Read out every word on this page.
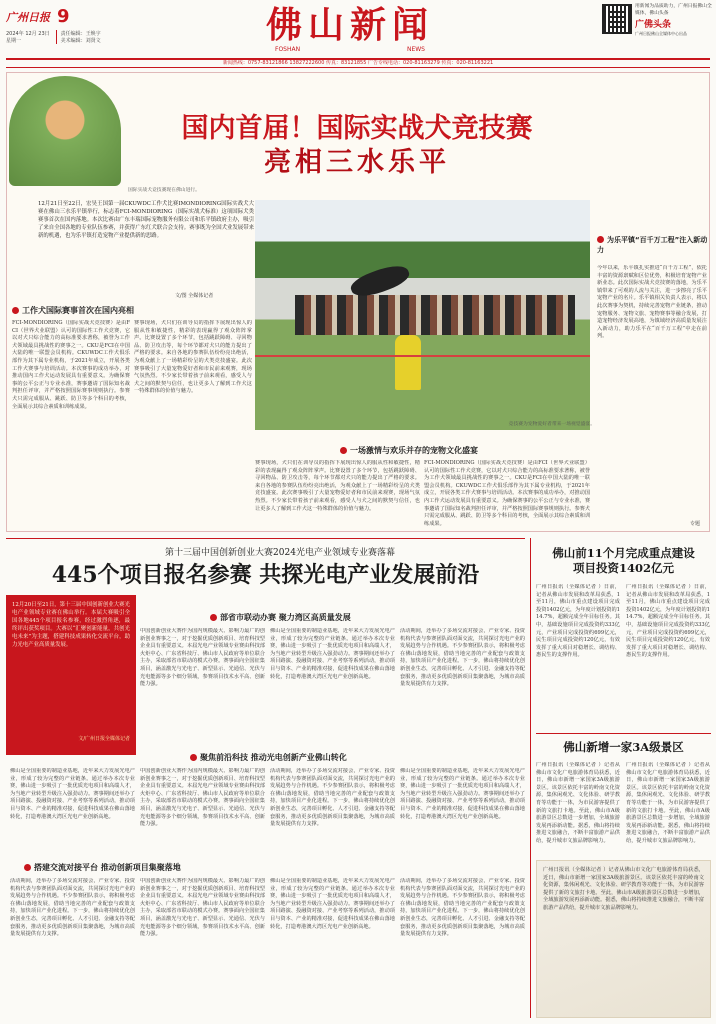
广州日报 9
2024年 12月 23日
星期一
责任编辑：王焕宇
美术编辑：刘贤文	佛山新闻
FOSHAN	NEWS
用新闻为品质助力，广州日报佛山全媒体，佛山头条
广佛头条
广州日报佛山全媒体中心出品
新闻热线：0757-83121866 13827222600 传真：83121855 广告专线电话：020-81163279 传真：020-81163221
国际实战犬竞技赛现在佛山进行。
国内首届！国际实战犬竞技赛
亮相三水乐平
12月21日至22日，宏昊王国第一届CKUWDC工作犬比赛IMONDIORING国际实战犬大赛在佛山三水乐平镇举行，标志着FCI-MONDIORING（国际实战犬标准）这项国际犬类赛事首次在国内落地。本次比赛由广东丰瑞国际宠物服务有限公司和乐平镇政府主办，吸引了来自全国各地的专业队伍参赛，并获得广东红犬联合会支持。赛事既为全国犬业发展带来新的机遇，也为乐平镇打造宠物产业提供新的思路。
文/图 全媒体记者
工作犬国际赛事首次在国内亮相
FCI-MONDIORING（国际实战犬竞技赛）是由FCI（世界犬业联盟）认可的国际性工作犬竞赛，它以对犬只综合能力的高标准要求著称，被誉为工作犬领域最具挑战性的赛事之一。CKU是FCI在中国大陆的唯一联盟会员机构。CKUWDC工作犬俱乐部作为其下属专业机构，于2021年成立，开展各类工作犬赛事与培训活动。本次赛事的成功举办，对推动国内工作犬运动发展具有重要意义。为确保赛事的公平公正与专业水准，赛事邀请了国际知名裁判担任评审，并严格按照国际赛事规则执行。参赛犬只需完成服从、跳跃、防卫等多个科目的考核，全面展示其综合素质和训练成果。
赛事现场，犬只们在训导员的指挥下展现出惊人的服从性和敏捷性，精彩的表现赢得了观众阵阵掌声。比赛设置了多个环节，包括跳跃障碍、寻回物品、防卫攻击等，每个环节都对犬只的能力提出了严格的要求。来自各地的参赛队伍纷纷亮出绝活，为观众献上了一场精彩纷呈的犬类竞技盛宴。此次赛事吸引了大量宠物爱好者和市民前来观赛，现场气氛热烈。不少家长带着孩子前来观看，感受人与犬之间的默契与信任，也让更多人了解到工作犬这一特殊群体的价值与魅力。
竞技赛为宠物爱好者带来一场视觉盛宴。
一场激情与欢乐并存的宠物文化盛宴
赛事现场，犬只们在训导员的指挥下展现出惊人的服从性和敏捷性，精彩的表现赢得了观众阵阵掌声。比赛设置了多个环节，包括跳跃障碍、寻回物品、防卫攻击等，每个环节都对犬只的能力提出了严格的要求。来自各地的参赛队伍纷纷亮出绝活，为观众献上了一场精彩纷呈的犬类竞技盛宴。此次赛事吸引了大量宠物爱好者和市民前来观赛，现场气氛热烈。不少家长带着孩子前来观看，感受人与犬之间的默契与信任，也让更多人了解到工作犬这一特殊群体的价值与魅力。
FCI-MONDIORING（国际实战犬竞技赛）是由FCI（世界犬业联盟）认可的国际性工作犬竞赛，它以对犬只综合能力的高标准要求著称，被誉为工作犬领域最具挑战性的赛事之一。CKU是FCI在中国大陆的唯一联盟会员机构。CKUWDC工作犬俱乐部作为其下属专业机构，于2021年成立，开展各类工作犬赛事与培训活动。本次赛事的成功举办，对推动国内工作犬运动发展具有重要意义。为确保赛事的公平公正与专业水准，赛事邀请了国际知名裁判担任评审，并严格按照国际赛事规则执行。参赛犬只需完成服从、跳跃、防卫等多个科目的考核，全面展示其综合素质和训练成果。
为乐平镇“百千万工程”注入新动力
今年以来，乐平镇扎实推进“百千万工程”，依托丰富的资源禀赋和区位优势，积极培育宠物产业新业态。此次国际实战犬竞技赛的落地，为乐平镇带来了可观的人流与关注，进一步擦亮了乐平宠物产业的名片。乐平镇相关负责人表示，将以此次赛事为契机，持续完善宠物产业链条，推动宠物服务、宠物文旅、宠物赛事等融合发展，打造宠物经济发展高地，为镇域经济高质量发展注入新动力，助力乐平在“百千万工程”中走在前列。
专题
第十三届中国创新创业大赛2024光电产业领域专业赛落幕
445个项目报名参赛 共探光电产业发展前沿
12月20日至21日，第十三届中国创新创业大赛光电产业领域专业赛在佛山举行。本届大赛吸引全国各地445个项目报名参赛，经过激烈角逐，最终评出获奖项目。大赛以“汇聚创新能量，共创光电未来”为主题，搭建科技成果转化交流平台，助力光电产业高质量发展。
文/广州日报全媒体记者
部省市联动办赛 聚力湾区高质量发展
中国创新创业大赛作为国内规模最大、影响力最广的创新创业赛事之一，对于挖掘优质创新项目、培育科技型企业具有重要意义。本届光电产业领域专业赛由科技部火炬中心、广东省科技厅、佛山市人民政府等单位联合主办，采取部省市联动的模式办赛。赛事面向全国征集项目，涵盖激光与光电子、新型显示、光通信、光伏与光电能源等多个细分领域，参赛项目技术水平高、创新能力强。
佛山是全国重要的制造业基地，近年来大力发展光电产业，形成了较为完整的产业链条。通过举办本次专业赛，佛山进一步吸引了一批优质光电项目和高端人才，为当地产业转型升级注入强劲动力。赛事期间还举办了项目路演、投融资对接、产业考察等系列活动，推动项目与资本、产业的精准对接，促进科技成果在佛山落地转化，打造粤港澳大湾区光电产业创新高地。
活动期间，还举办了多场交流对接会，产业专家、投资机构代表与参赛团队面对面交流，共同探讨光电产业的发展趋势与合作机遇。不少参赛团队表示，将积极考虑在佛山落地发展，借助当地完善的产业配套与政策支持，加快项目产业化进程。下一步，佛山将持续优化创新创业生态，完善项目孵化、人才引进、金融支持等配套服务，推动更多优质创新项目集聚落地，为城市高质量发展提供有力支撑。
聚焦前沿科技 推动光电创新产业佛山转化
佛山是全国重要的制造业基地，近年来大力发展光电产业，形成了较为完整的产业链条。通过举办本次专业赛，佛山进一步吸引了一批优质光电项目和高端人才，为当地产业转型升级注入强劲动力。赛事期间还举办了项目路演、投融资对接、产业考察等系列活动，推动项目与资本、产业的精准对接，促进科技成果在佛山落地转化，打造粤港澳大湾区光电产业创新高地。
中国创新创业大赛作为国内规模最大、影响力最广的创新创业赛事之一，对于挖掘优质创新项目、培育科技型企业具有重要意义。本届光电产业领域专业赛由科技部火炬中心、广东省科技厅、佛山市人民政府等单位联合主办，采取部省市联动的模式办赛。赛事面向全国征集项目，涵盖激光与光电子、新型显示、光通信、光伏与光电能源等多个细分领域，参赛项目技术水平高、创新能力强。
活动期间，还举办了多场交流对接会，产业专家、投资机构代表与参赛团队面对面交流，共同探讨光电产业的发展趋势与合作机遇。不少参赛团队表示，将积极考虑在佛山落地发展，借助当地完善的产业配套与政策支持，加快项目产业化进程。下一步，佛山将持续优化创新创业生态，完善项目孵化、人才引进、金融支持等配套服务，推动更多优质创新项目集聚落地，为城市高质量发展提供有力支撑。
佛山是全国重要的制造业基地，近年来大力发展光电产业，形成了较为完整的产业链条。通过举办本次专业赛，佛山进一步吸引了一批优质光电项目和高端人才，为当地产业转型升级注入强劲动力。赛事期间还举办了项目路演、投融资对接、产业考察等系列活动，推动项目与资本、产业的精准对接，促进科技成果在佛山落地转化，打造粤港澳大湾区光电产业创新高地。
搭建交流对接平台 推动创新项目集聚落地
活动期间，还举办了多场交流对接会，产业专家、投资机构代表与参赛团队面对面交流，共同探讨光电产业的发展趋势与合作机遇。不少参赛团队表示，将积极考虑在佛山落地发展，借助当地完善的产业配套与政策支持，加快项目产业化进程。下一步，佛山将持续优化创新创业生态，完善项目孵化、人才引进、金融支持等配套服务，推动更多优质创新项目集聚落地，为城市高质量发展提供有力支撑。
中国创新创业大赛作为国内规模最大、影响力最广的创新创业赛事之一，对于挖掘优质创新项目、培育科技型企业具有重要意义。本届光电产业领域专业赛由科技部火炬中心、广东省科技厅、佛山市人民政府等单位联合主办，采取部省市联动的模式办赛。赛事面向全国征集项目，涵盖激光与光电子、新型显示、光通信、光伏与光电能源等多个细分领域，参赛项目技术水平高、创新能力强。
佛山是全国重要的制造业基地，近年来大力发展光电产业，形成了较为完整的产业链条。通过举办本次专业赛，佛山进一步吸引了一批优质光电项目和高端人才，为当地产业转型升级注入强劲动力。赛事期间还举办了项目路演、投融资对接、产业考察等系列活动，推动项目与资本、产业的精准对接，促进科技成果在佛山落地转化，打造粤港澳大湾区光电产业创新高地。
活动期间，还举办了多场交流对接会，产业专家、投资机构代表与参赛团队面对面交流，共同探讨光电产业的发展趋势与合作机遇。不少参赛团队表示，将积极考虑在佛山落地发展，借助当地完善的产业配套与政策支持，加快项目产业化进程。下一步，佛山将持续优化创新创业生态，完善项目孵化、人才引进、金融支持等配套服务，推动更多优质创新项目集聚落地，为城市高质量发展提供有力支撑。
佛山前11个月完成重点建设
项目投资1402亿元
广州日报讯（全媒体记者 ）日前，记者从佛山市发展和改革局获悉，1至11月，佛山市重点建设项目完成投资1402亿元，为年度计划投资的114.7%，超额完成全年目标任务。其中，基础设施项目完成投资约333亿元，产业项目完成投资约699亿元，民生项目完成投资约120亿元，有效发挥了重大项目对稳增长、调结构、惠民生的支撑作用。
广州日报讯（全媒体记者 ）日前，记者从佛山市发展和改革局获悉，1至11月，佛山市重点建设项目完成投资1402亿元，为年度计划投资的114.7%，超额完成全年目标任务。其中，基础设施项目完成投资约333亿元，产业项目完成投资约699亿元，民生项目完成投资约120亿元，有效发挥了重大项目对稳增长、调结构、惠民生的支撑作用。
佛山新增一家3A级景区
广州日报讯（全媒体记者 ）记者从佛山市文化广电旅游体育局获悉，近日，佛山市新增一家国家3A级旅游景区。该景区依托丰富的岭南文化资源，集休闲观光、文化体验、研学教育等功能于一体，为市民游客提供了新的文旅打卡地。至此，佛山市A级旅游景区总数进一步增加，全域旅游发展再添新动能。据悉，佛山将持续推进文旅融合，不断丰富旅游产品供给，提升城市文旅品牌影响力。
广州日报讯（全媒体记者 ）记者从佛山市文化广电旅游体育局获悉，近日，佛山市新增一家国家3A级旅游景区。该景区依托丰富的岭南文化资源，集休闲观光、文化体验、研学教育等功能于一体，为市民游客提供了新的文旅打卡地。至此，佛山市A级旅游景区总数进一步增加，全域旅游发展再添新动能。据悉，佛山将持续推进文旅融合，不断丰富旅游产品供给，提升城市文旅品牌影响力。
广州日报讯（全媒体记者 ）记者从佛山市文化广电旅游体育局获悉，近日，佛山市新增一家国家3A级旅游景区。该景区依托丰富的岭南文化资源，集休闲观光、文化体验、研学教育等功能于一体，为市民游客提供了新的文旅打卡地。至此，佛山市A级旅游景区总数进一步增加，全域旅游发展再添新动能。据悉，佛山将持续推进文旅融合，不断丰富旅游产品供给，提升城市文旅品牌影响力。
